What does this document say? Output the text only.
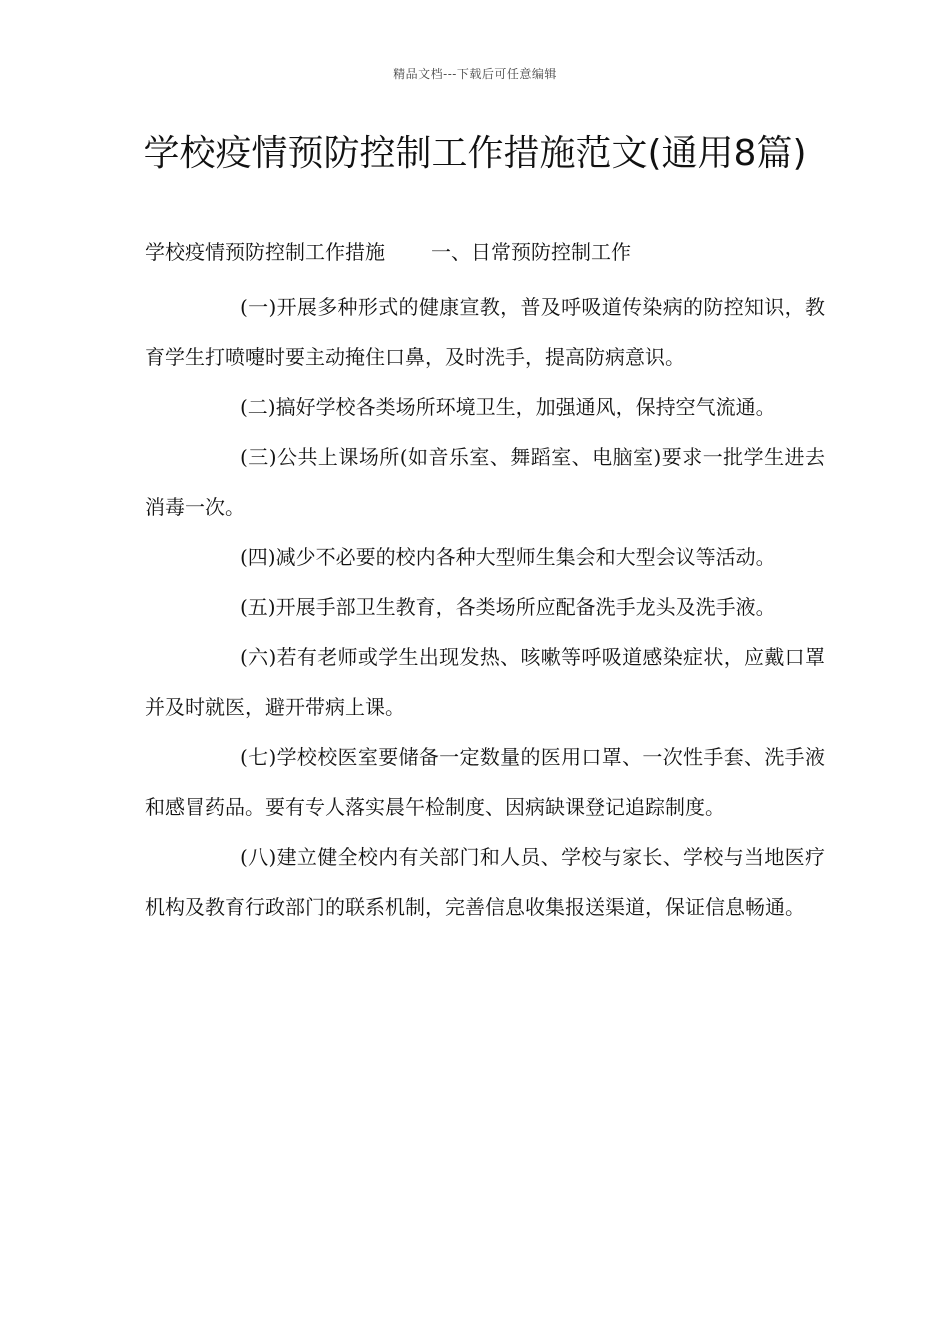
精品文档---下载后可任意编辑
学校疫情预防控制工作措施范文(通用8篇)
学校疫情预防控制工作措施 一、日常预防控制工作

(一)开展多种形式的健康宣教，普及呼吸道传染病的防控知识，教育学生打喷嚏时要主动掩住口鼻，及时洗手，提高防病意识。

(二)搞好学校各类场所环境卫生，加强通风，保持空气流通。

(三)公共上课场所(如音乐室、舞蹈室、电脑室)要求一批学生进去消毒一次。

(四)减少不必要的校内各种大型师生集会和大型会议等活动。

(五)开展手部卫生教育，各类场所应配备洗手龙头及洗手液。

(六)若有老师或学生出现发热、咳嗽等呼吸道感染症状，应戴口罩并及时就医，避开带病上课。

(七)学校校医室要储备一定数量的医用口罩、一次性手套、洗手液和感冒药品。要有专人落实晨午检制度、因病缺课登记追踪制度。

(八)建立健全校内有关部门和人员、学校与家长、学校与当地医疗机构及教育行政部门的联系机制，完善信息收集报送渠道，保证信息畅通。
